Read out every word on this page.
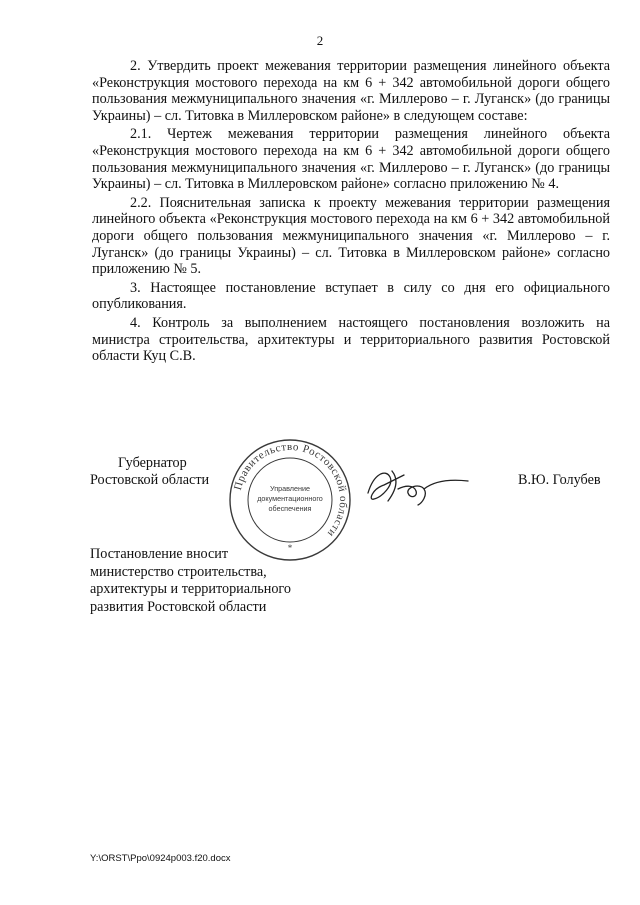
2

2. Утвердить проект межевания территории размещения линейного объекта «Реконструкция мостового перехода на км 6 + 342 автомобильной дороги общего пользования межмуниципального значения «г. Миллерово – г. Луганск» (до границы Украины) – сл. Титовка в Миллеровском районе» в следующем составе:

2.1. Чертеж межевания территории размещения линейного объекта «Реконструкция мостового перехода на км 6 + 342 автомобильной дороги общего пользования межмуниципального значения «г. Миллерово – г. Луганск» (до границы Украины) – сл. Титовка в Миллеровском районе» согласно приложению № 4.

2.2. Пояснительная записка к проекту межевания территории размещения линейного объекта «Реконструкция мостового перехода на км 6 + 342 автомобильной дороги общего пользования межмуниципального значения «г. Миллерово – г. Луганск» (до границы Украины) – сл. Титовка в Миллеровском районе» согласно приложению № 5.

3. Настоящее постановление вступает в силу со дня его официального опубликования.

4. Контроль за выполнением настоящего постановления возложить на министра строительства, архитектуры и территориального развития Ростовской области Куц С.В.

Губернатор
Ростовской области Правительство Ростовской области
Управление
документационного
обеспечения
*
В.Ю. Голубев
Постановление вносит
министерство строительства,
архитектуры и территориального
развития Ростовской области
Y:\ORST\Ppo\0924p003.f20.docx
